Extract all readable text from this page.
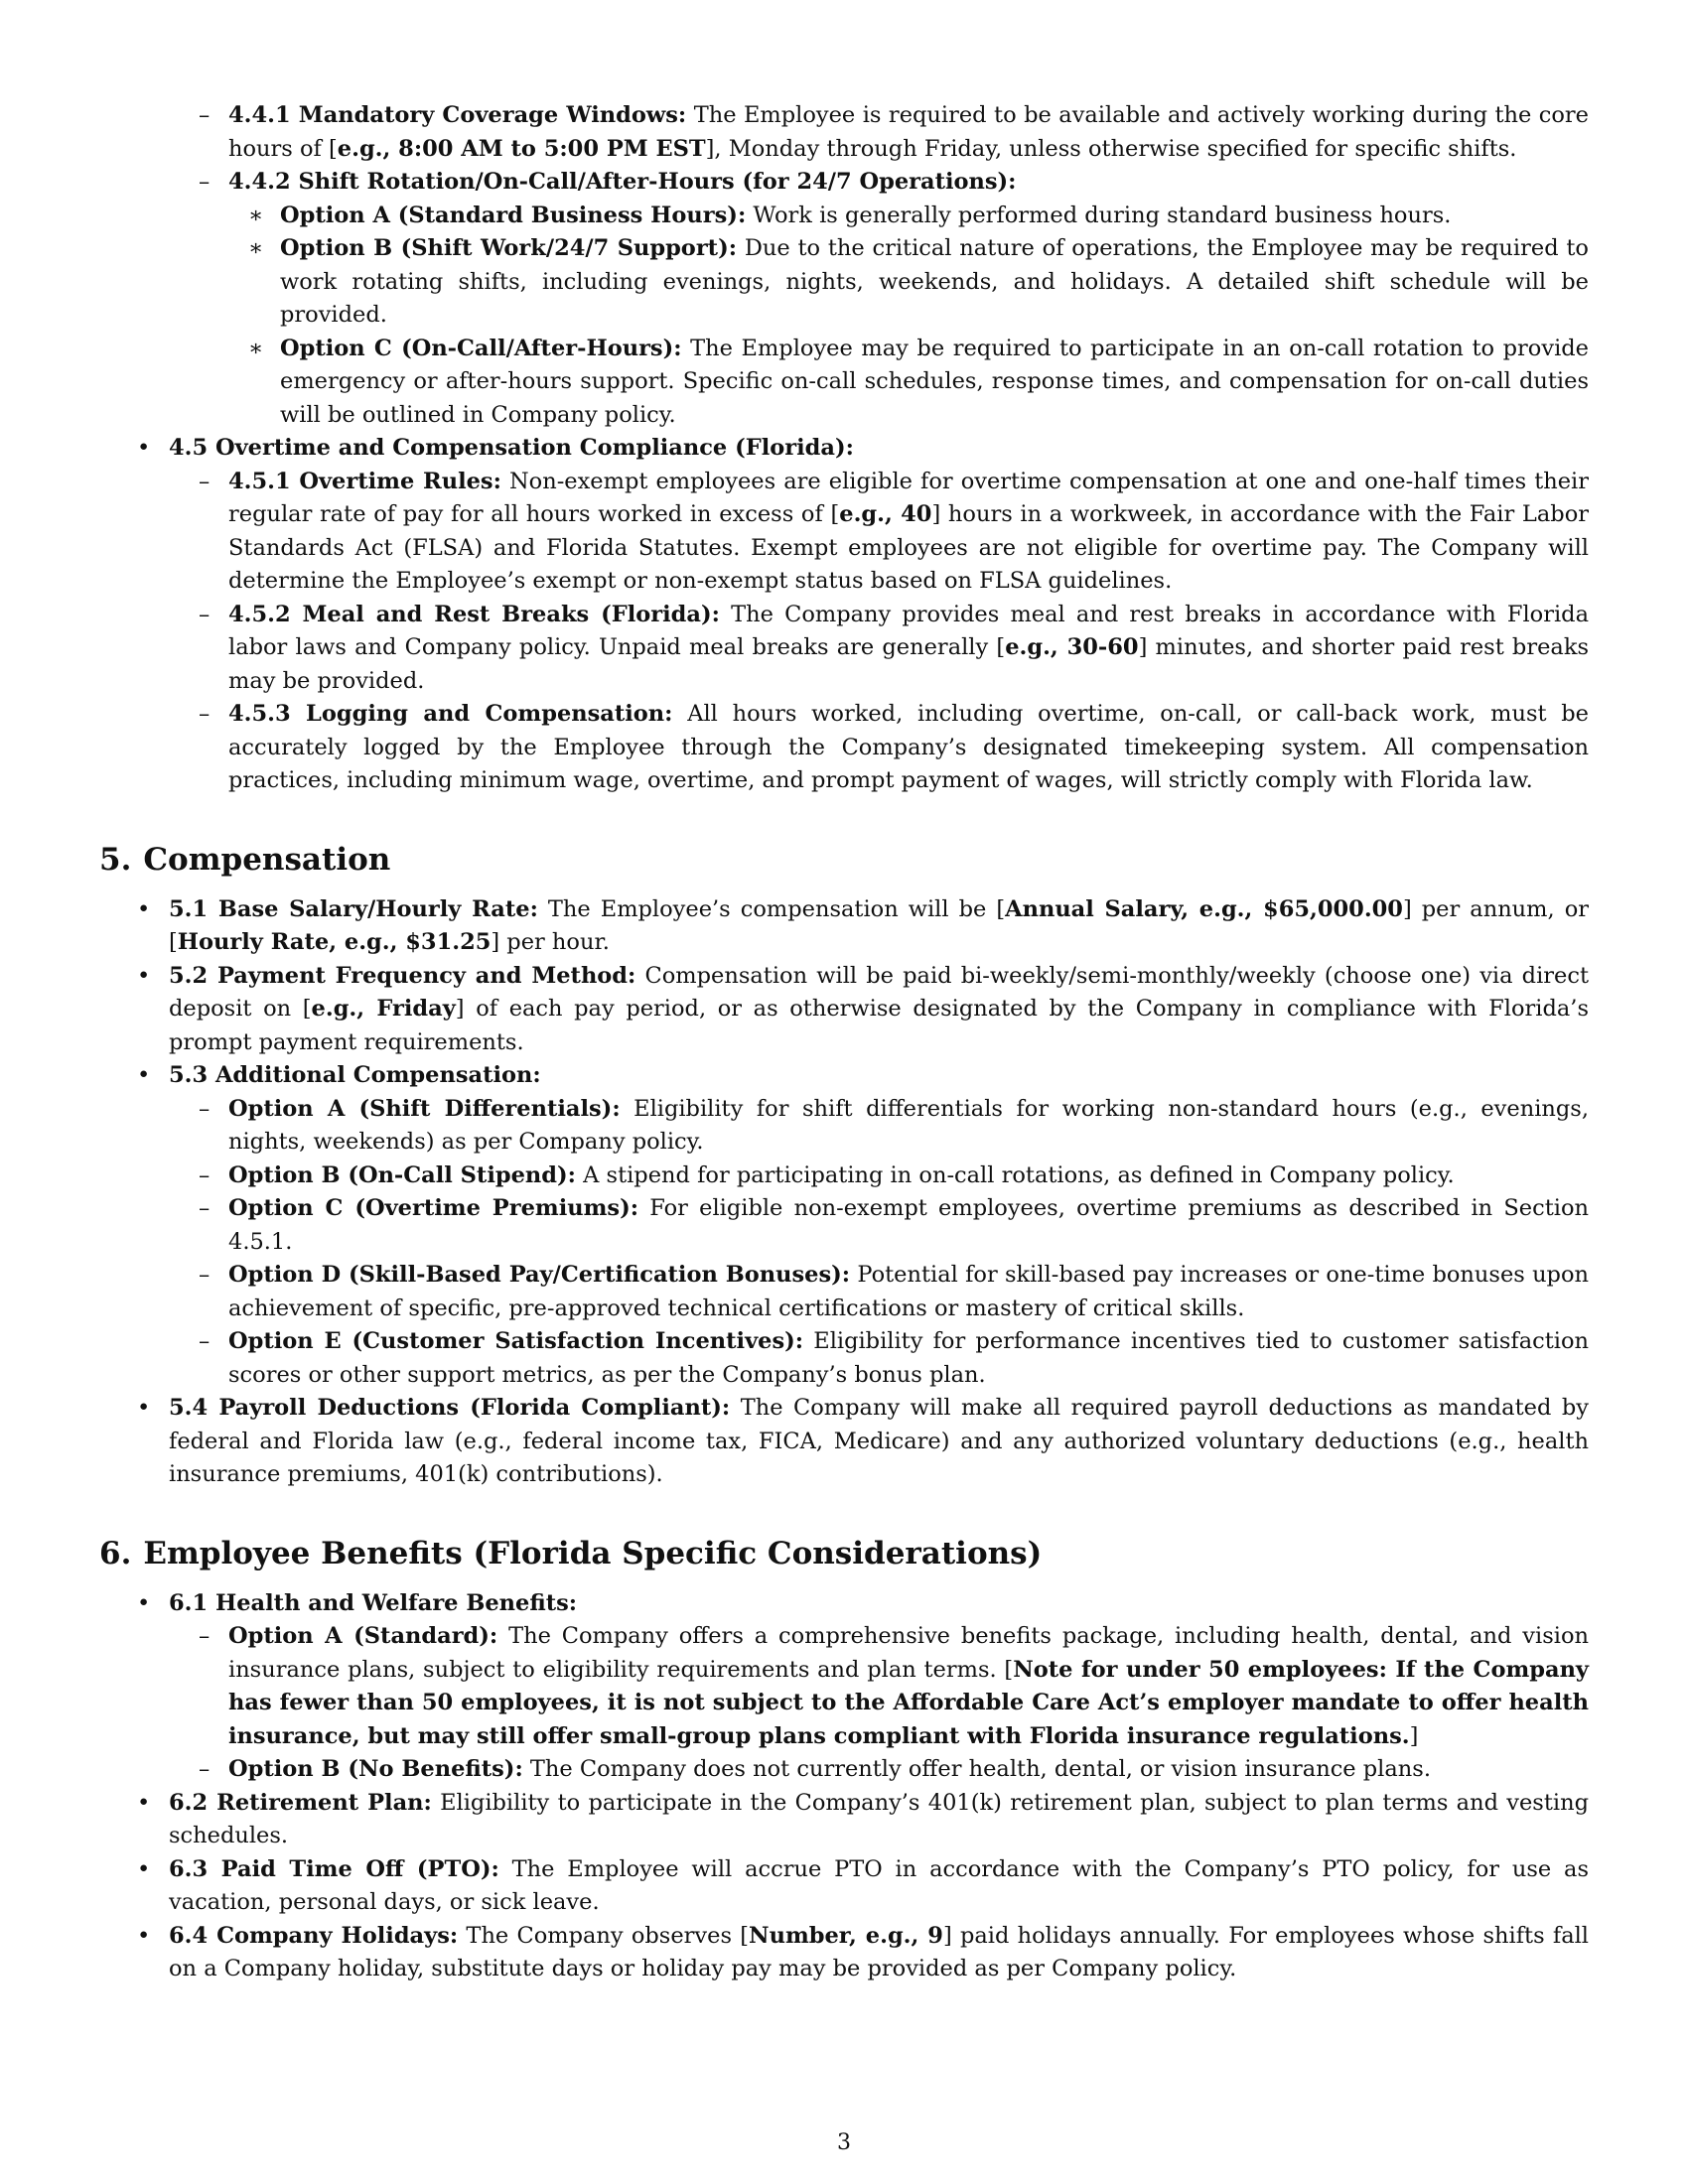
– 4.4.1 Mandatory Coverage Windows: The Employee is required to be available and actively working during the core hours of [e.g., 8:00 AM to 5:00 PM EST], Monday through Friday, unless otherwise specified for specific shifts.
– 4.4.2 Shift Rotation/On-Call/After-Hours (for 24/7 Operations):
∗ Option A (Standard Business Hours): Work is generally performed during standard business hours.
∗ Option B (Shift Work/24/7 Support): Due to the critical nature of operations, the Employee may be required to work rotating shifts, including evenings, nights, weekends, and holidays. A detailed shift schedule will be provided.
∗ Option C (On-Call/After-Hours): The Employee may be required to participate in an on-call rotation to provide emergency or after-hours support. Specific on-call schedules, response times, and compensation for on-call duties will be outlined in Company policy.
• 4.5 Overtime and Compensation Compliance (Florida):
– 4.5.1 Overtime Rules: Non-exempt employees are eligible for overtime compensation at one and one-half times their regular rate of pay for all hours worked in excess of [e.g., 40] hours in a workweek, in accordance with the Fair Labor Standards Act (FLSA) and Florida Statutes. Exempt employees are not eligible for overtime pay. The Company will determine the Employee’s exempt or non-exempt status based on FLSA guidelines.
– 4.5.2 Meal and Rest Breaks (Florida): The Company provides meal and rest breaks in accordance with Florida labor laws and Company policy. Unpaid meal breaks are generally [e.g., 30-60] minutes, and shorter paid rest breaks may be provided.
– 4.5.3 Logging and Compensation: All hours worked, including overtime, on-call, or call-back work, must be accurately logged by the Employee through the Company’s designated timekeeping system. All compensation practices, including minimum wage, overtime, and prompt payment of wages, will strictly comply with Florida law.
5. Compensation
• 5.1 Base Salary/Hourly Rate: The Employee’s compensation will be [Annual Salary, e.g., $65,000.00] per annum, or [Hourly Rate, e.g., $31.25] per hour.
• 5.2 Payment Frequency and Method: Compensation will be paid bi-weekly/semi-monthly/weekly (choose one) via direct deposit on [e.g., Friday] of each pay period, or as otherwise designated by the Company in compliance with Florida’s prompt payment requirements.
• 5.3 Additional Compensation:
– Option A (Shift Differentials): Eligibility for shift differentials for working non-standard hours (e.g., evenings, nights, weekends) as per Company policy.
– Option B (On-Call Stipend): A stipend for participating in on-call rotations, as defined in Company policy.
– Option C (Overtime Premiums): For eligible non-exempt employees, overtime premiums as described in Section 4.5.1.
– Option D (Skill-Based Pay/Certification Bonuses): Potential for skill-based pay increases or one-time bonuses upon achievement of specific, pre-approved technical certifications or mastery of critical skills.
– Option E (Customer Satisfaction Incentives): Eligibility for performance incentives tied to customer satisfaction scores or other support metrics, as per the Company’s bonus plan.
• 5.4 Payroll Deductions (Florida Compliant): The Company will make all required payroll deductions as mandated by federal and Florida law (e.g., federal income tax, FICA, Medicare) and any authorized voluntary deductions (e.g., health insurance premiums, 401(k) contributions).
6. Employee Benefits (Florida Specific Considerations)
• 6.1 Health and Welfare Benefits:
– Option A (Standard): The Company offers a comprehensive benefits package, including health, dental, and vision insurance plans, subject to eligibility requirements and plan terms. [Note for under 50 employees: If the Company has fewer than 50 employees, it is not subject to the Affordable Care Act’s employer mandate to offer health insurance, but may still offer small-group plans compliant with Florida insurance regulations.]
– Option B (No Benefits): The Company does not currently offer health, dental, or vision insurance plans.
• 6.2 Retirement Plan: Eligibility to participate in the Company’s 401(k) retirement plan, subject to plan terms and vesting schedules.
• 6.3 Paid Time Off (PTO): The Employee will accrue PTO in accordance with the Company’s PTO policy, for use as vacation, personal days, or sick leave.
• 6.4 Company Holidays: The Company observes [Number, e.g., 9] paid holidays annually. For employees whose shifts fall on a Company holiday, substitute days or holiday pay may be provided as per Company policy.
3
